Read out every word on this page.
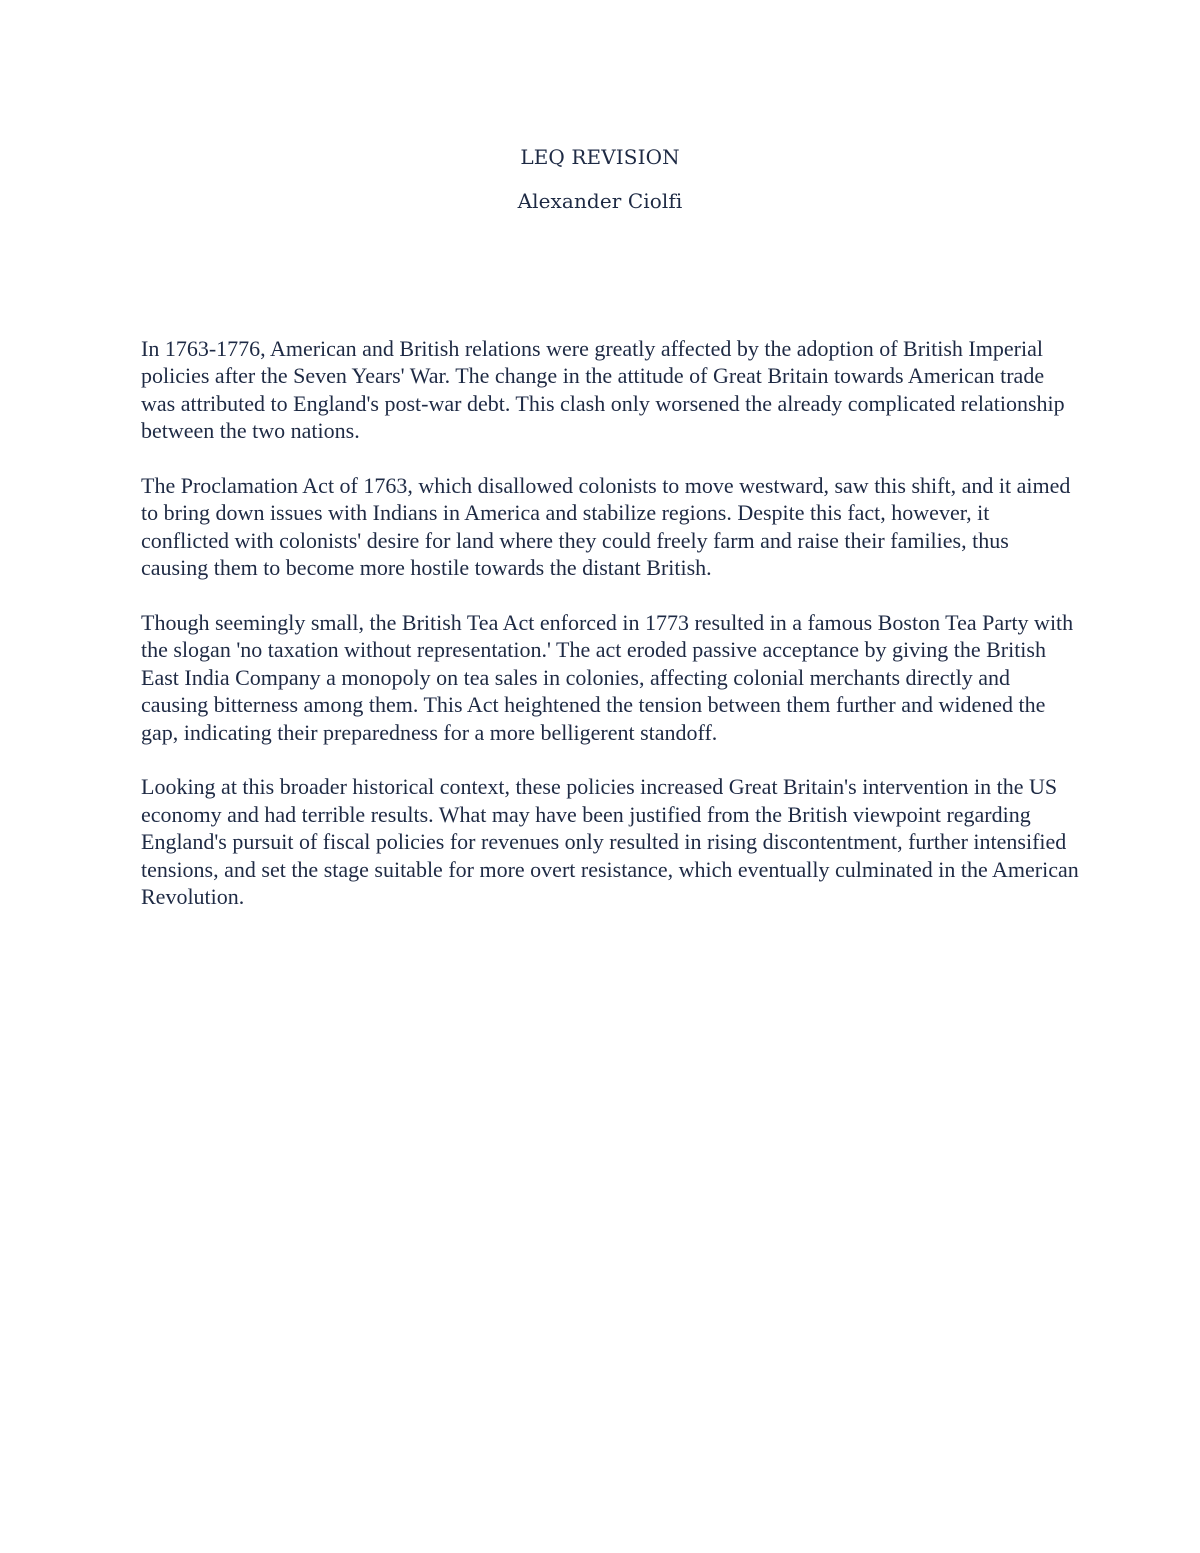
LEQ REVISION
Alexander Ciolfi

In 1763-1776, American and British relations were greatly affected by the adoption of British Imperial policies after the Seven Years' War. The change in the attitude of Great Britain towards American trade was attributed to England's post-war debt. This clash only worsened the already complicated relationship between the two nations.

The Proclamation Act of 1763, which disallowed colonists to move westward, saw this shift, and it aimed to bring down issues with Indians in America and stabilize regions. Despite this fact, however, it conflicted with colonists' desire for land where they could freely farm and raise their families, thus causing them to become more hostile towards the distant British.

Though seemingly small, the British Tea Act enforced in 1773 resulted in a famous Boston Tea Party with the slogan 'no taxation without representation.' The act eroded passive acceptance by giving the British East India Company a monopoly on tea sales in colonies, affecting colonial merchants directly and causing bitterness among them. This Act heightened the tension between them further and widened the gap, indicating their preparedness for a more belligerent standoff.

Looking at this broader historical context, these policies increased Great Britain's intervention in the US economy and had terrible results. What may have been justified from the British viewpoint regarding England's pursuit of fiscal policies for revenues only resulted in rising discontentment, further intensified tensions, and set the stage suitable for more overt resistance, which eventually culminated in the American Revolution.
